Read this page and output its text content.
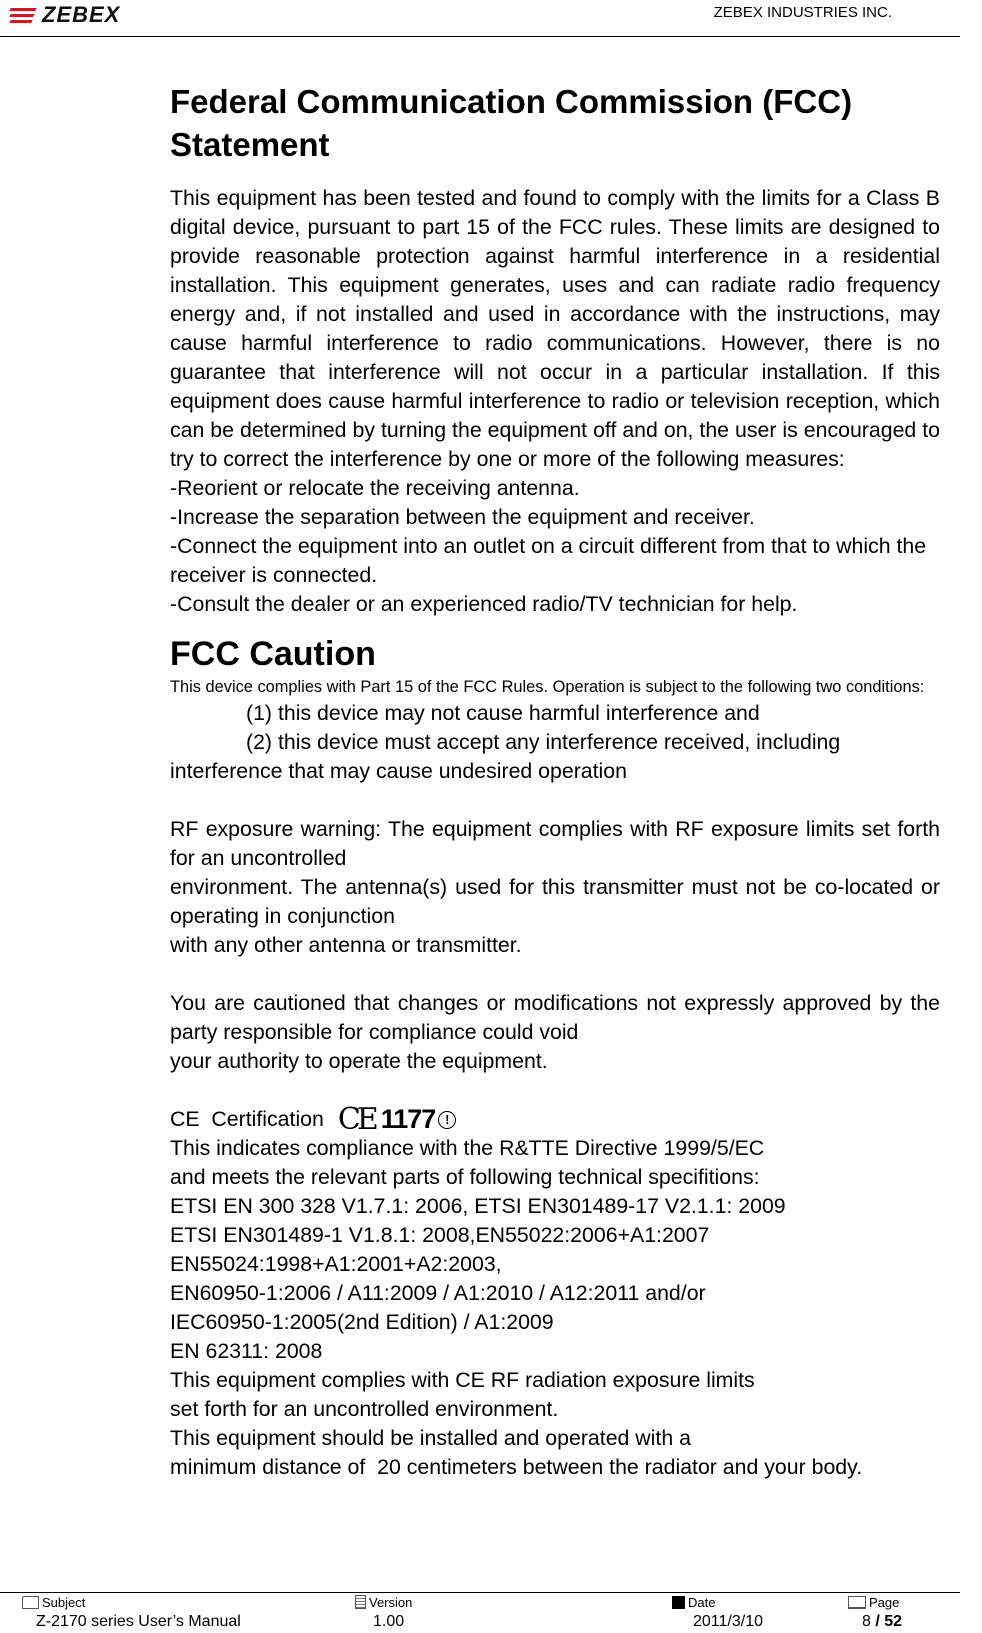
ZEBEX	ZEBEX INDUSTRIES INC.
Federal Communication Commission (FCC) Statement

This equipment has been tested and found to comply with the limits for a Class B digital device, pursuant to part 15 of the FCC rules. These limits are designed to provide reasonable protection against harmful interference in a residential installation. This equipment generates, uses and can radiate radio frequency energy and, if not installed and used in accordance with the instructions, may cause harmful interference to radio communications. However, there is no guarantee that interference will not occur in a particular installation. If this equipment does cause harmful interference to radio or television reception, which can be determined by turning the equipment off and on, the user is encouraged to try to correct the interference by one or more of the following measures:

-Reorient or relocate the receiving antenna.

-Increase the separation between the equipment and receiver.

-Connect the equipment into an outlet on a circuit different from that to which the receiver is connected.

-Consult the dealer or an experienced radio/TV technician for help.

FCC Caution

This device complies with Part 15 of the FCC Rules. Operation is subject to the following two conditions:

(1) this device may not cause harmful interference and

(2) this device must accept any interference received, including

interference that may cause undesired operation

RF exposure warning: The equipment complies with RF exposure limits set forth for an uncontrolled

environment. The antenna(s) used for this transmitter must not be co-located or operating in conjunction

with any other antenna or transmitter.

You are cautioned that changes or modifications not expressly approved by the party responsible for compliance could void

your authority to operate the equipment.

CE  Certification CE 1177 !

This indicates compliance with the R&TTE Directive 1999/5/EC

and meets the relevant parts of following technical specifitions:

ETSI EN 300 328 V1.7.1: 2006, ETSI EN301489-17 V2.1.1: 2009

ETSI EN301489-1 V1.8.1: 2008,EN55022:2006+A1:2007

EN55024:1998+A1:2001+A2:2003,

EN60950-1:2006 / A11:2009 / A1:2010 / A12:2011 and/or

IEC60950-1:2005(2nd Edition) / A1:2009

EN 62311: 2008

This equipment complies with CE RF radiation exposure limits

set forth for an uncontrolled environment.

This equipment should be installed and operated with a

minimum distance of  20 centimeters between the radiator and your body.

Subject
Z-2170 series User’s Manual
Version
1.00
Date
2011/3/10
Page
8 / 52
